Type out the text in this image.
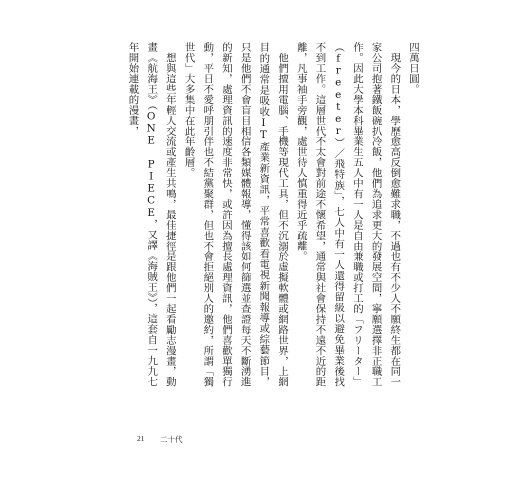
四萬日圓。

　現今的日本，學歷愈高反倒愈難求職，不過也有不少人不願終生都在同一家公司抱著鐵飯碗扒冷飯，他們為追求更大的發展空間，寧願選擇非正職工作。因此大學本科畢業生五人中有一人是自由兼職或打工的「フリーター」（freeter）／飛特族」，七人中有一人還得留級以避免畢業後找不到工作。這層世代不太會對前途不懷希望，通常與社會保持不遠不近的距離，凡事袖手旁觀，處世待人慎重得近乎疏離。

　他們擅用電腦、手機等現代工具，但不沉溺於虛擬軟體或網路世界，上網目的通常是吸收IT產業新資訊，平常喜歡看電視新聞報導或綜藝節目，只是他們不會盲目相信各類媒體報導，懂得該如何篩選並查證每天不斷湧進的新知，處理資訊的速度非常快，或許因為擅長處理資訊，他們喜歡單獨行動，平日不愛呼朋引伴也不結黨聚群，但也不會拒絕別人的邀約，所謂「獨世代」大多集中在此年齡層。

　想與這些年輕人交流或產生共鳴，最佳捷徑是跟他們一起看勵志漫畫，動畫《航海王》（ONE PIECE，又譯《海賊王》），這套自一九九七年開始連載的漫畫，

21 二十代
